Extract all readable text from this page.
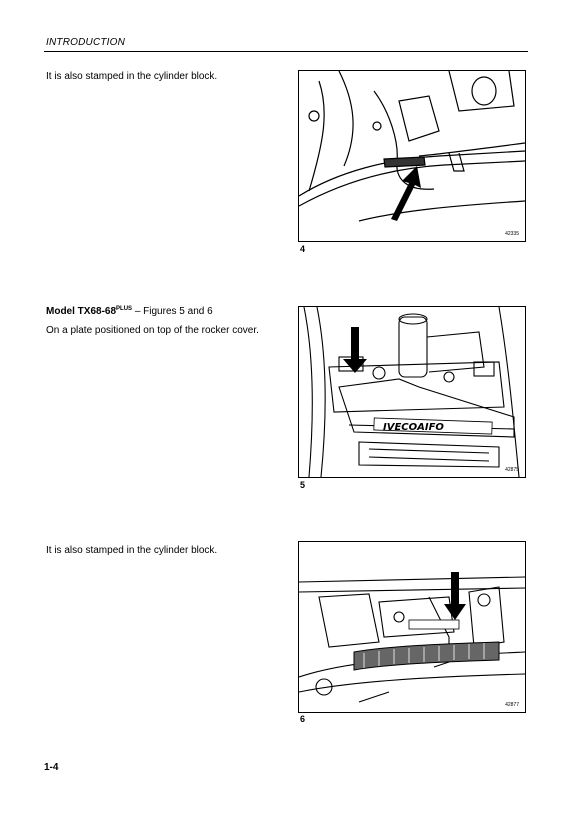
INTRODUCTION
It is also stamped in the cylinder block.
42335
4
Model $TX68-68^{PLUS}$ – Figures 5 and 6
On a plate positioned on top of the rocker cover.
IVECOAIFO
42875
5
It is also stamped in the cylinder block.
42877
6
1-4
